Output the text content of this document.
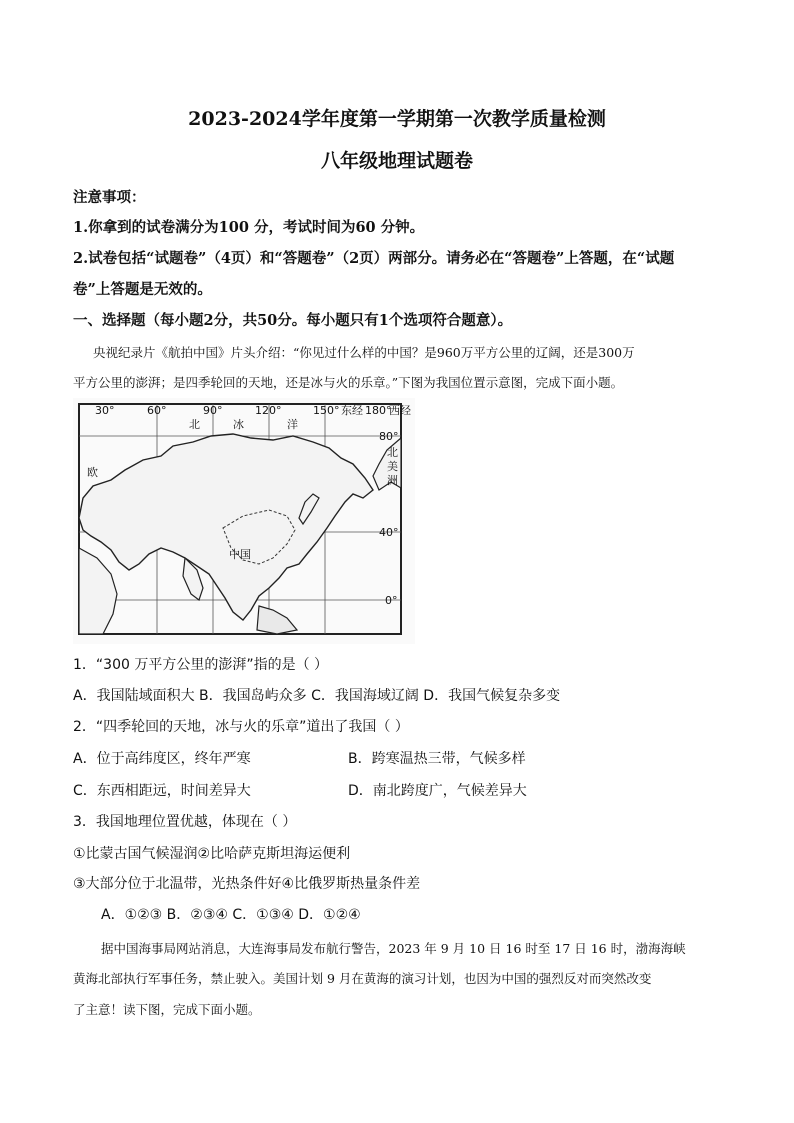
2023-2024学年度第一学期第一次教学质量检测
八年级地理试题卷
注意事项：
1.你拿到的试卷满分为100 分，考试时间为60 分钟。
2.试卷包括“试题卷”（4页）和“答题卷”（2页）两部分。请务必在“答题卷”上答题，在“试题
卷”上答题是无效的。
一、选择题（每小题2分，共50分。每小题只有1个选项符合题意）。
央视纪录片《航拍中国》片头介绍：“你见过什么样的中国？是960万平方公里的辽阔，还是300万
平方公里的澎湃；是四季轮回的天地，还是冰与火的乐章。”下图为我国位置示意图，完成下面小题。
30°	60°	90°	120°	150° 东经 180°
西经
80°
40°
0°
北	冰	洋
北
美
洲
欧
中国
1．“300 万平方公里的澎湃”指的是（ ）
A．我国陆域面积大 B．我国岛屿众多 C．我国海域辽阔 D．我国气候复杂多变
2．“四季轮回的天地，冰与火的乐章”道出了我国（ ）
A．位于高纬度区，终年严寒	B．跨寒温热三带，气候多样
C．东西相距远，时间差异大	D．南北跨度广，气候差异大
3．我国地理位置优越，体现在（ ）
①比蒙古国气候湿润②比哈萨克斯坦海运便利
③大部分位于北温带，光热条件好④比俄罗斯热量条件差
A．①②③ B．②③④ C．①③④ D．①②④
据中国海事局网站消息，大连海事局发布航行警告，2023 年 9 月 10 日 16 时至 17 日 16 时，渤海海峡
黄海北部执行军事任务，禁止驶入。美国计划 9 月在黄海的演习计划，也因为中国的强烈反对而突然改变
了主意！读下图，完成下面小题。
